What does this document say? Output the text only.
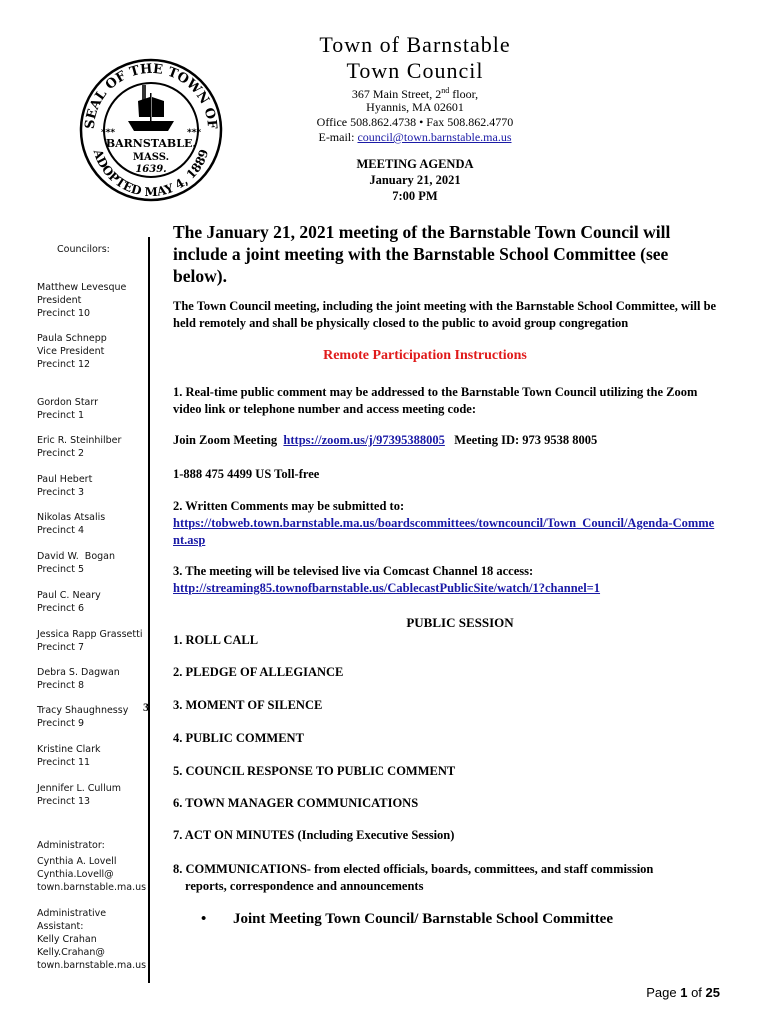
SEAL OF THE TOWN OF
ADOPTED MAY 4, 1889
***	***
BARNSTABLE.
MASS.
1639.
Town of Barnstable
Town Council
367 Main Street, 2nd floor,
Hyannis, MA 02601
Office 508.862.4738 • Fax 508.862.4770
E-mail: council@town.barnstable.ma.us
MEETING AGENDA
January 21, 2021
7:00 PM
Councilors:
Matthew Levesque
President
Precinct 10
Paula Schnepp
Vice President
Precinct 12
Gordon Starr
Precinct 1
Eric R. Steinhilber
Precinct 2
Paul Hebert
Precinct 3
Nikolas Atsalis
Precinct 4
David W.  Bogan
Precinct 5
Paul C. Neary
Precinct 6
Jessica Rapp Grassetti
Precinct 7
Debra S. Dagwan
Precinct 8
Tracy Shaughnessy
Precinct 9
Kristine Clark
Precinct 11
Jennifer L. Cullum
Precinct 13
Administrator:
Cynthia A. Lovell
Cynthia.Lovell@
town.barnstable.ma.us
Administrative
Assistant:
Kelly Crahan
Kelly.Crahan@
town.barnstable.ma.us
3
The January 21, 2021 meeting of the Barnstable Town Council will include a joint meeting with the Barnstable School Committee (see below).
The Town Council meeting, including the joint meeting with the Barnstable School Committee, will be held remotely and shall be physically closed to the public to avoid group congregation
Remote Participation Instructions
1. Real-time public comment may be addressed to the Barnstable Town Council utilizing the Zoom video link or telephone number and access meeting code:
Join Zoom Meeting  https://zoom.us/j/97395388005   Meeting ID: 973 9538 8005
1-888 475 4499 US Toll-free
2. Written Comments may be submitted to:
https://tobweb.town.barnstable.ma.us/boardscommittees/towncouncil/Town_Council/Agenda-Comment.asp
3. The meeting will be televised live via Comcast Channel 18 access:
http://streaming85.townofbarnstable.us/CablecastPublicSite/watch/1?channel=1
PUBLIC SESSION
1. ROLL CALL
2. PLEDGE OF ALLEGIANCE
3. MOMENT OF SILENCE
4. PUBLIC COMMENT
5. COUNCIL RESPONSE TO PUBLIC COMMENT
6. TOWN MANAGER COMMUNICATIONS
7. ACT ON MINUTES (Including Executive Session)
8. COMMUNICATIONS- from elected officials, boards, committees, and staff commission
reports, correspondence and announcements
• Joint Meeting Town Council/ Barnstable School Committee
Page 1 of 25
